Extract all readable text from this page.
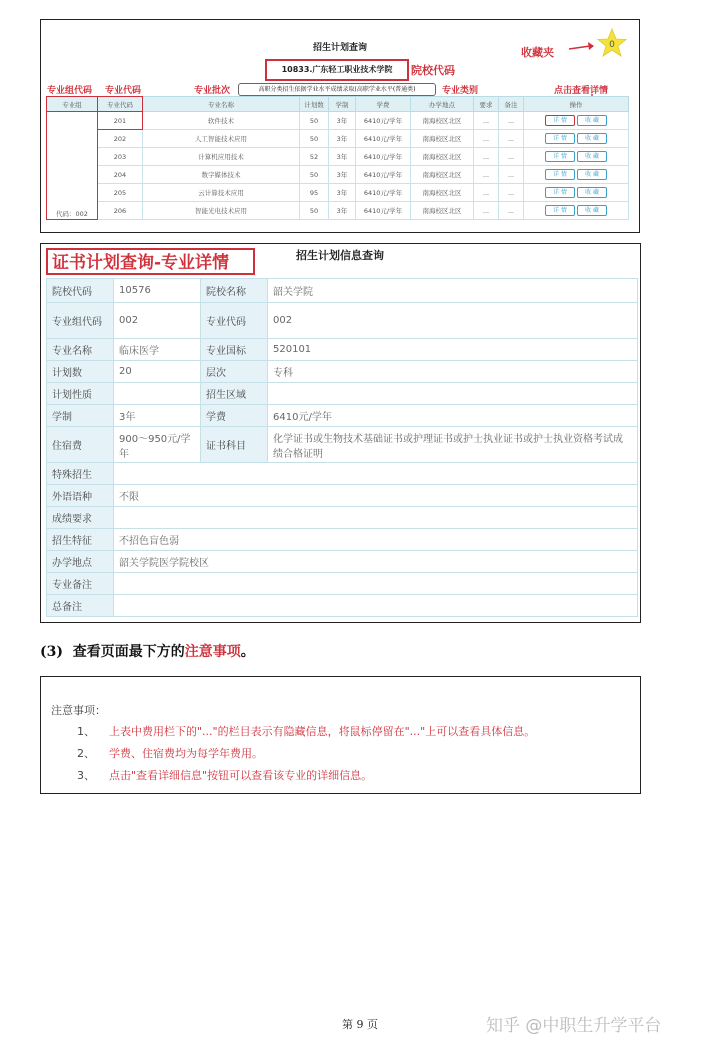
招生计划查询	收藏夹
0
10833.广东轻工职业技术学院	院校代码
专业组代码 专业代码	专业批次	高职分类招生依据学业水平成绩录取(高职学业水平(普通类)	专业类别	点击查看详情
专业组	专业代码	专业名称	计划数	学制	学费	办学地点	要求	备注	操作
代码：002	201	软件技术	50	3年	6410元/学年	南海校区北区	...	...	详 情 收 藏
	202	人工智能技术应用	50	3年	6410元/学年	南海校区北区	...	...	详 情 收 藏
	203	计算机应用技术	52	3年	6410元/学年	南海校区北区	...	...	详 情 收 藏
	204	数字媒体技术	50	3年	6410元/学年	南海校区北区	...	...	详 情 收 藏
	205	云计算技术应用	95	3年	6410元/学年	南海校区北区	...	...	详 情 收 藏
	206	智能光电技术应用	50	3年	6410元/学年	南海校区北区	...	...	详 情 收 藏
证书计划查询-专业详情	招生计划信息查询
院校代码	10576	院校名称	韶关学院
专业组代码	002	专业代码	002
专业名称	临床医学	专业国标	520101
计划数	20	层次	专科
计划性质		招生区域	
学制	3年	学费	6410元/学年
住宿费	900～950元/学年	证书科目	化学证书或生物技术基础证书或护理证书或护士执业证书或护士执业资格考试成绩合格证明
特殊招生			
外语语种	不限		
成绩要求			
招生特征	不招色盲色弱		
办学地点	韶关学院医学院校区		
专业备注			
总备注			
(3) 查看页面最下方的注意事项。
注意事项：
1、 上表中费用栏下的"..."的栏目表示有隐藏信息，将鼠标停留在"..."上可以查看具体信息。
2、 学费、住宿费均为每学年费用。
3、 点击"查看详细信息"按钮可以查看该专业的详细信息。
第 9 页	知乎 @中职生升学平台
